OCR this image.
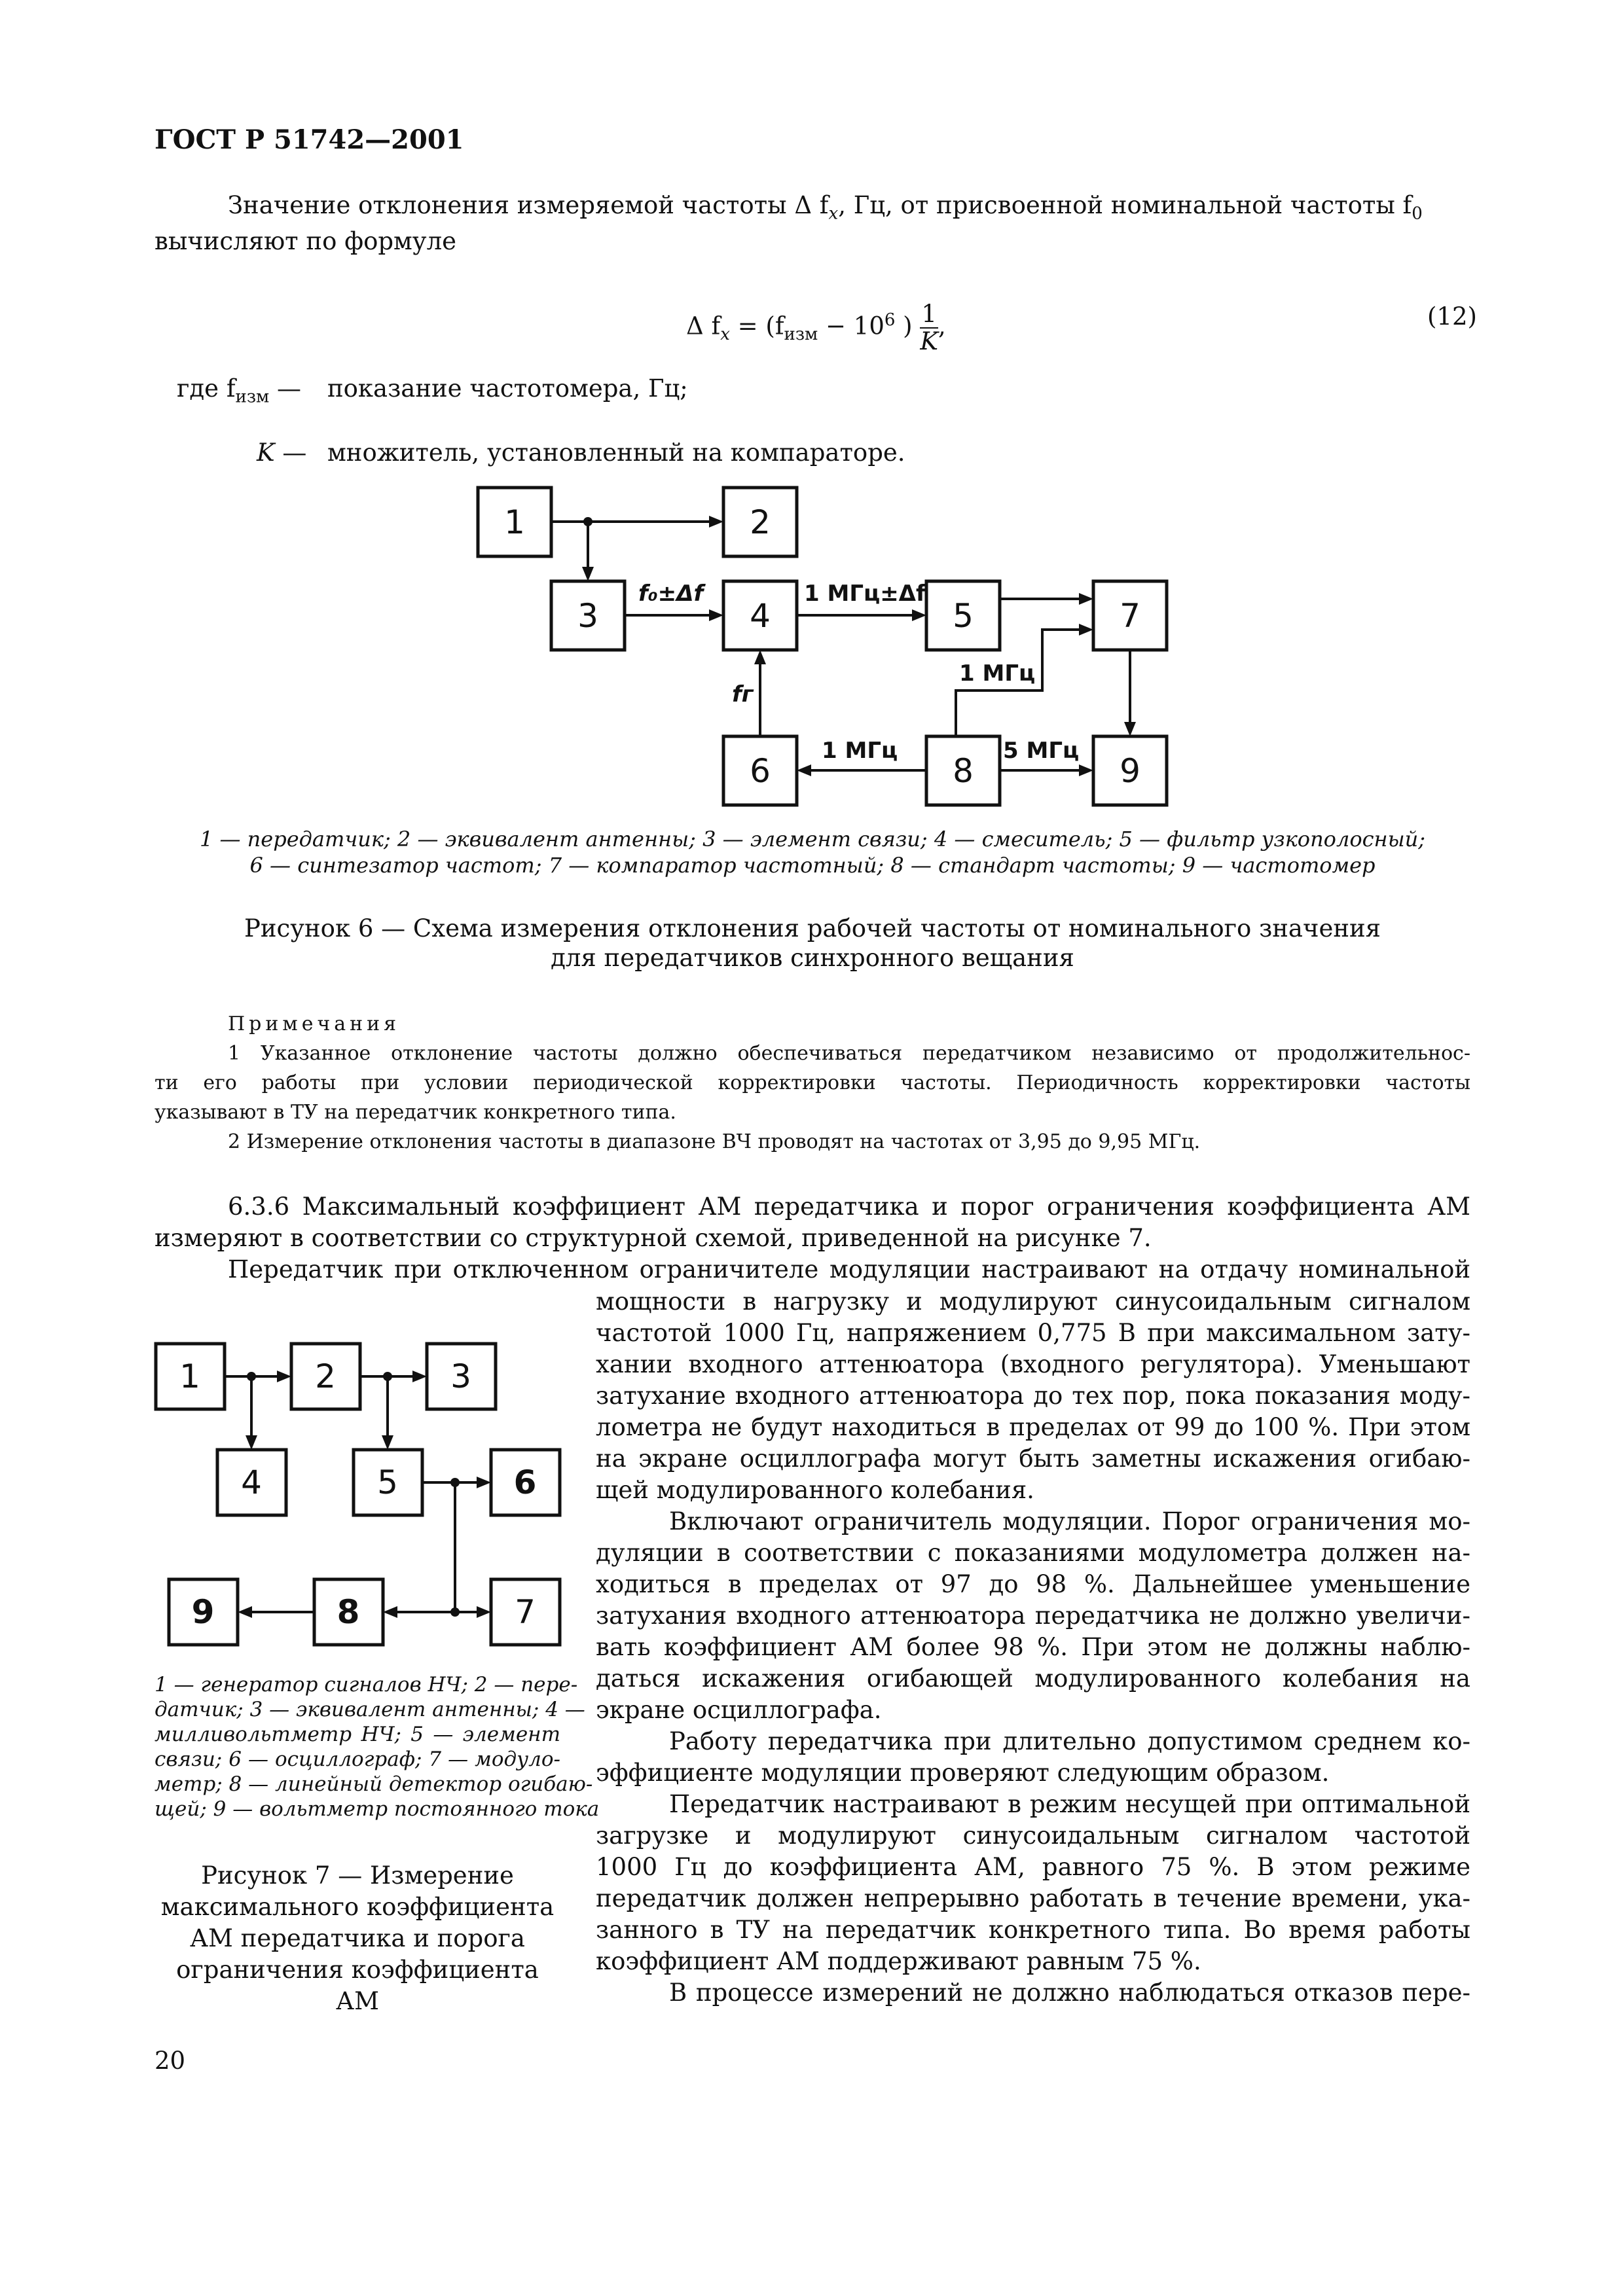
ГОСТ Р 51742—2001
Значение отклонения измеряемой частоты Δ $f_x$, Гц, от присвоенной номинальной частоты $f_0$
вычисляют по формуле
Δ $f_x = (f_{изм} - 10^6$ ) $\frac{1}{K}$ ,	(12)
где $f_{изм}$ — показание частотомера, Гц;
K — множитель, установленный на компараторе.
1	2
3	4	5
6
7
8	9
f₀±Δf	1 МГц±Δf
1 МГц
fг
1 МГц	5 МГц
1 — передатчик; 2 — эквивалент антенны; 3 — элемент связи; 4 — смеситель; 5 — фильтр узкополосный;
6 — синтезатор частот; 7 — компаратор частотный; 8 — стандарт частоты; 9 — частотомер
Рисунок 6 — Схема измерения отклонения рабочей частоты от номинального значения
для передатчиков синхронного вещания
Примечания
1 Указанное отклонение частоты должно обеспечиваться передатчиком независимо от продолжительнос-
ти его работы при условии периодической корректировки частоты. Периодичность корректировки частоты
указывают в ТУ на передатчик конкретного типа.
2 Измерение отклонения частоты в диапазоне ВЧ проводят на частотах от 3,95 до 9,95 МГц.
6.3.6 Максимальный коэффициент АМ передатчика и порог ограничения коэффициента АМ
измеряют в соответствии со структурной схемой, приведенной на рисунке 7.
Передатчик при отключенном ограничителе модуляции настраивают на отдачу номинальной
мощности в нагрузку и модулируют синусоидальным сигналом
частотой 1000 Гц, напряжением 0,775 В при максимальном зату-
хании входного аттенюатора (входного регулятора). Уменьшают
затухание входного аттенюатора до тех пор, пока показания моду-
лометра не будут находиться в пределах от 99 до 100 %. При этом
на экране осциллографа могут быть заметны искажения огибаю-
щей модулированного колебания.
Включают ограничитель модуляции. Порог ограничения мо-
дуляции в соответствии с показаниями модулометра должен на-
ходиться в пределах от 97 до 98 %. Дальнейшее уменьшение
затухания входного аттенюатора передатчика не должно увеличи-
вать коэффициент АМ более 98 %. При этом не должны наблю-
даться искажения огибающей модулированного колебания на
экране осциллографа.
Работу передатчика при длительно допустимом среднем ко-
эффициенте модуляции проверяют следующим образом.
Передатчик настраивают в режим несущей при оптимальной
загрузке и модулируют синусоидальным сигналом частотой
1000 Гц до коэффициента АМ, равного 75 %. В этом режиме
передатчик должен непрерывно работать в течение времени, ука-
занного в ТУ на передатчик конкретного типа. Во время работы
коэффициент АМ поддерживают равным 75 %.
В процессе измерений не должно наблюдаться отказов пере-
1	2	3
4	5	6
7
8
9
1 — генератор сигналов НЧ; 2 — пере-
датчик; 3 — эквивалент антенны; 4 —
милливольтметр НЧ; 5 — элемент
связи; 6 — осциллограф; 7 — модуло-
метр; 8 — линейный детектор огибаю-
щей; 9 — вольтметр постоянного тока
Рисунок 7 — Измерение
максимального коэффициента
АМ передатчика и порога
ограничения коэффициента АМ
20
